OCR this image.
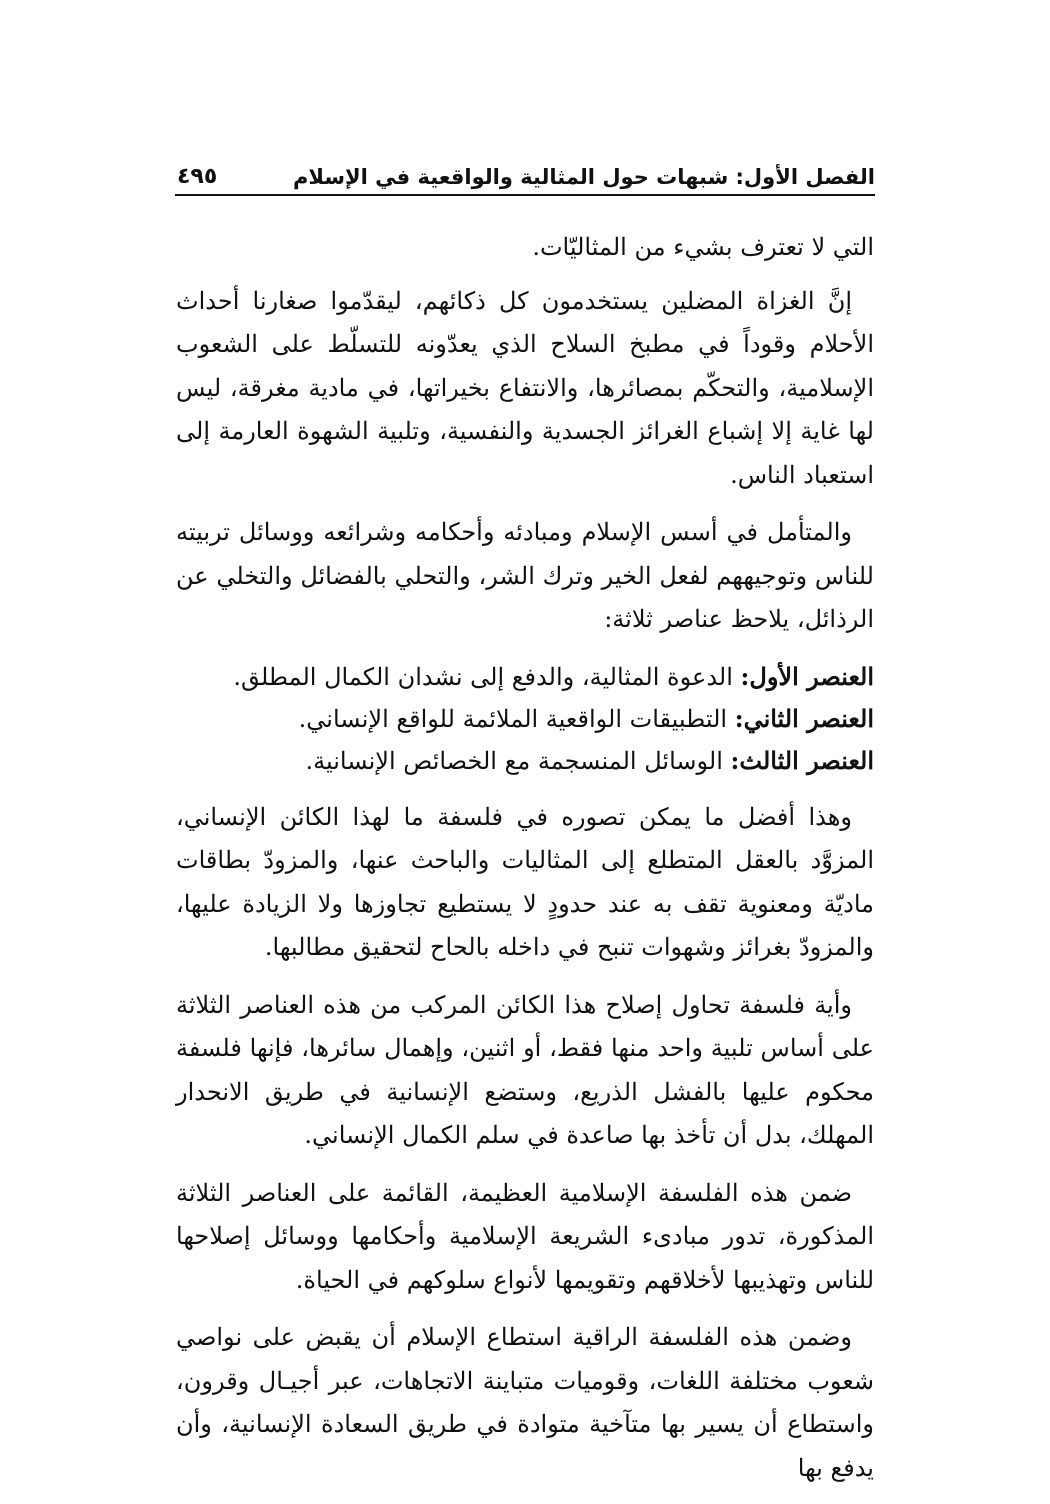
الفصل الأول: شبهات حول المثالية والواقعية في الإسلام
٤٩٥

التي لا تعترف بشيء من المثاليّات.

إنَّ الغزاة المضلين يستخدمون كل ذكائهم، ليقدّموا صغارنا أحداث الأحلام وقوداً في مطبخ السلاح الذي يعدّونه للتسلّط على الشعوب الإسلامية، والتحكّم بمصائرها، والانتفاع بخيراتها، في مادية مغرقة، ليس لها غاية إلا إشباع الغرائز الجسدية والنفسية، وتلبية الشهوة العارمة إلى استعباد الناس.

والمتأمل في أسس الإسلام ومبادئه وأحكامه وشرائعه ووسائل تربيته للناس وتوجيههم لفعل الخير وترك الشر، والتحلي بالفضائل والتخلي عن الرذائل، يلاحظ عناصر ثلاثة:

العنصر الأول: الدعوة المثالية، والدفع إلى نشدان الكمال المطلق.

العنصر الثاني: التطبيقات الواقعية الملائمة للواقع الإنساني.

العنصر الثالث: الوسائل المنسجمة مع الخصائص الإنسانية.

وهذا أفضل ما يمكن تصوره في فلسفة ما لهذا الكائن الإنساني، المزوَّد بالعقل المتطلع إلى المثاليات والباحث عنها، والمزودّ بطاقات ماديّة ومعنوية تقف به عند حدودٍ لا يستطيع تجاوزها ولا الزيادة عليها، والمزودّ بغرائز وشهوات تنبح في داخله بالحاح لتحقيق مطالبها.

وأية فلسفة تحاول إصلاح هذا الكائن المركب من هذه العناصر الثلاثة على أساس تلبية واحد منها فقط، أو اثنين، وإهمال سائرها، فإنها فلسفة محكوم عليها بالفشل الذريع، وستضع الإنسانية في طريق الانحدار المهلك، بدل أن تأخذ بها صاعدة في سلم الكمال الإنساني.

ضمن هذه الفلسفة الإسلامية العظيمة، القائمة على العناصر الثلاثة المذكورة، تدور مبادىء الشريعة الإسلامية وأحكامها ووسائل إصلاحها للناس وتهذيبها لأخلاقهم وتقويمها لأنواع سلوكهم في الحياة.

وضمن هذه الفلسفة الراقية استطاع الإسلام أن يقبض على نواصي شعوب مختلفة اللغات، وقوميات متباينة الاتجاهات، عبر أجيـال وقرون، واستطاع أن يسير بها متآخية متوادة في طريق السعادة الإنسانية، وأن يدفع بها
